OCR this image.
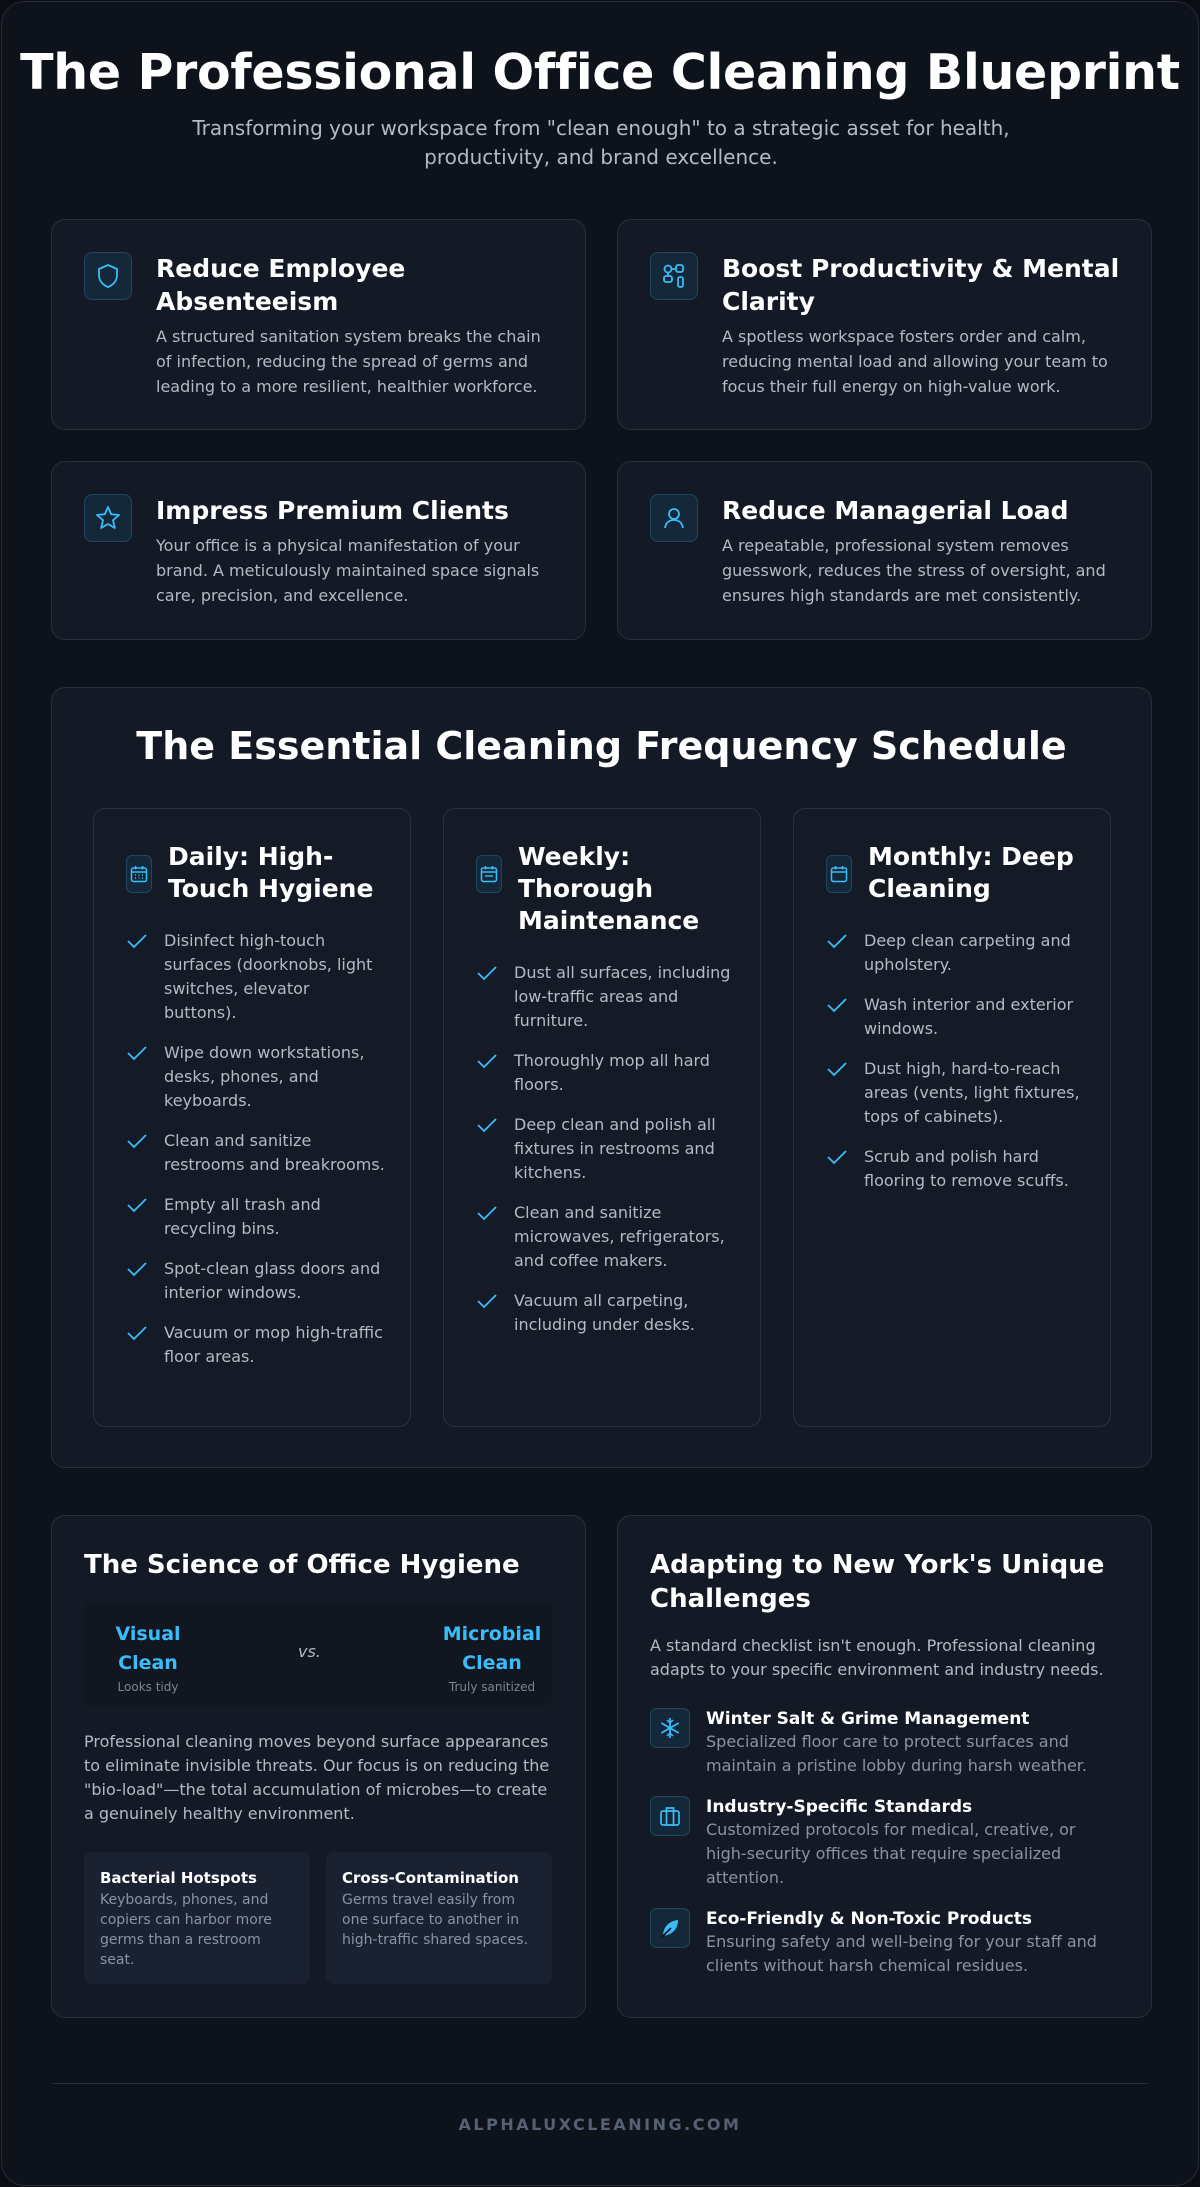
The Professional Office Cleaning Blueprint

Transforming your workspace from "clean enough" to a strategic asset for health, productivity, and brand excellence.

Reduce Employee Absenteeism
A structured sanitation system breaks the chain of infection, reducing the spread of germs and leading to a more resilient, healthier workforce.
Boost Productivity & Mental Clarity
A spotless workspace fosters order and calm, reducing mental load and allowing your team to focus their full energy on high-value work.
Impress Premium Clients
Your office is a physical manifestation of your brand. A meticulously maintained space signals care, precision, and excellence.
Reduce Managerial Load
A repeatable, professional system removes guesswork, reduces the stress of oversight, and ensures high standards are met consistently.
The Essential Cleaning Frequency Schedule
Daily: High-Touch Hygiene
Disinfect high-touch surfaces (doorknobs, light switches, elevator buttons).
Wipe down workstations, desks, phones, and keyboards.
Clean and sanitize restrooms and breakrooms.
Empty all trash and recycling bins.
Spot-clean glass doors and interior windows.
Vacuum or mop high-traffic floor areas.
Weekly: Thorough Maintenance
Dust all surfaces, including low-traffic areas and furniture.
Thoroughly mop all hard floors.
Deep clean and polish all fixtures in restrooms and kitchens.
Clean and sanitize microwaves, refrigerators, and coffee makers.
Vacuum all carpeting, including under desks.
Monthly: Deep Cleaning
Deep clean carpeting and upholstery.
Wash interior and exterior windows.
Dust high, hard-to-reach areas (vents, light fixtures, tops of cabinets).
Scrub and polish hard flooring to remove scuffs.
The Science of Office Hygiene
Visual Clean
Looks tidy
vs.
Microbial Clean
Truly sanitized

Professional cleaning moves beyond surface appearances to eliminate invisible threats. Our focus is on reducing the "bio-load"—the total accumulation of microbes—to create a genuinely healthy environment.

Bacterial Hotspots
Keyboards, phones, and copiers can harbor more germs than a restroom seat.
Cross-Contamination
Germs travel easily from one surface to another in high-traffic shared spaces.
Adapting to New York's Unique Challenges

A standard checklist isn't enough. Professional cleaning adapts to your specific environment and industry needs.

Winter Salt & Grime Management
Specialized floor care to protect surfaces and maintain a pristine lobby during harsh weather.
Industry-Specific Standards
Customized protocols for medical, creative, or high-security offices that require specialized attention.
Eco-Friendly & Non-Toxic Products
Ensuring safety and well-being for your staff and clients without harsh chemical residues.
ALPHALUXCLEANING.COM
